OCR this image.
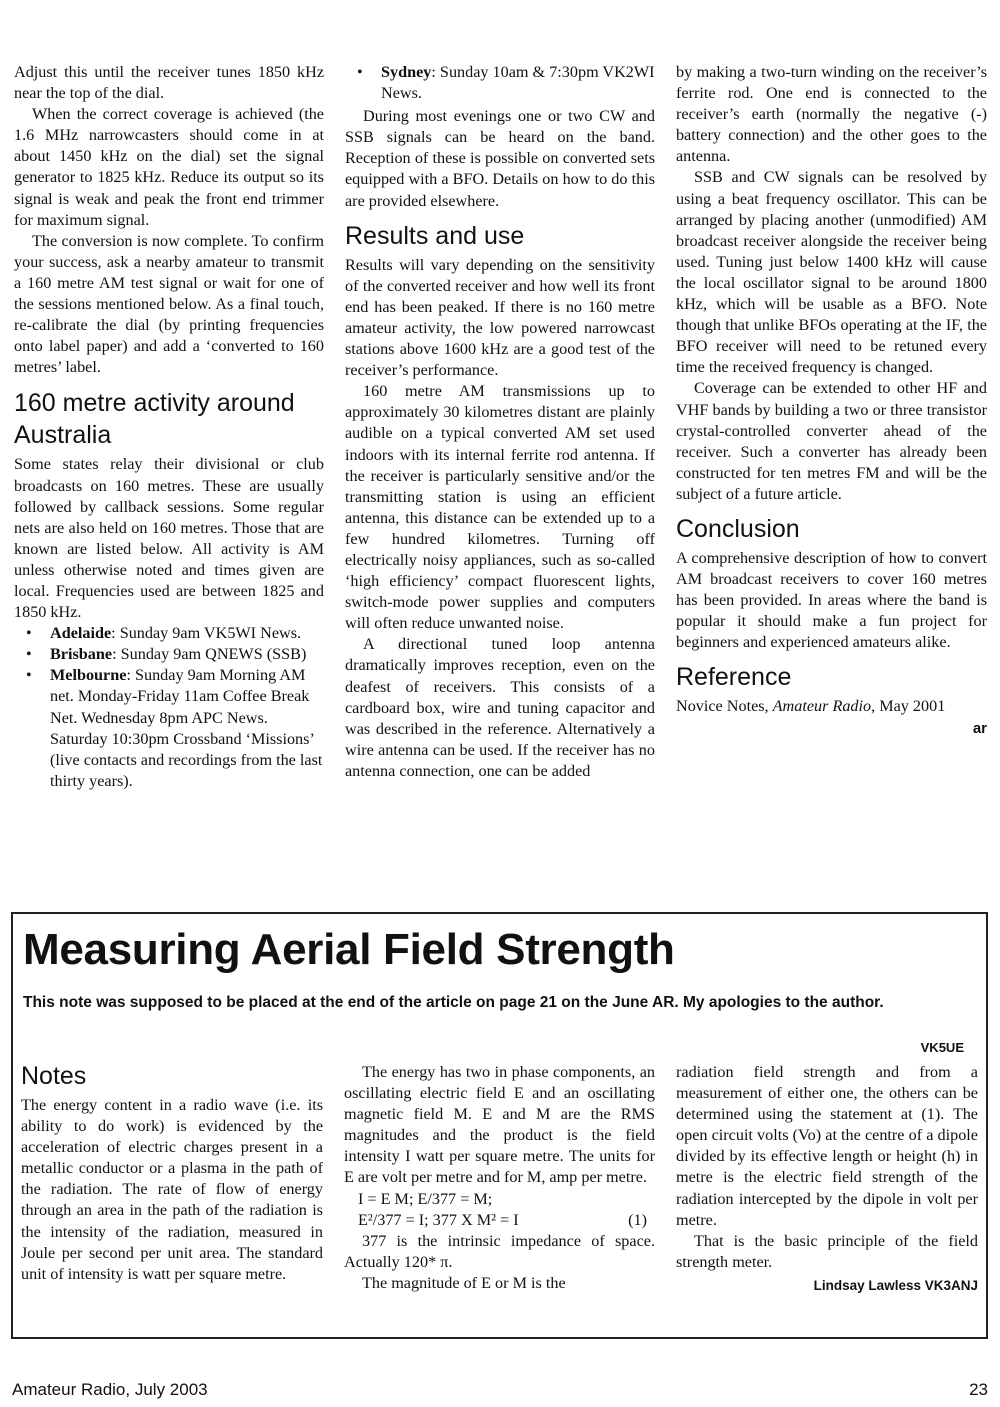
Adjust this until the receiver tunes 1850 kHz near the top of the dial.

When the correct coverage is achieved (the 1.6 MHz narrowcasters should come in at about 1450 kHz on the dial) set the signal generator to 1825 kHz. Reduce its output so its signal is weak and peak the front end trimmer for maximum signal.

The conversion is now complete. To confirm your success, ask a nearby amateur to transmit a 160 metre AM test signal or wait for one of the sessions mentioned below. As a final touch, re-calibrate the dial (by printing frequencies onto label paper) and add a ‘converted to 160 metres’ label.

160 metre activity around Australia

Some states relay their divisional or club broadcasts on 160 metres. These are usually followed by callback sessions. Some regular nets are also held on 160 metres. Those that are known are listed below. All activity is AM unless otherwise noted and times given are local. Frequencies used are between 1825 and 1850 kHz.

• Adelaide: Sunday 9am VK5WI News.
• Brisbane: Sunday 9am QNEWS (SSB)
• Melbourne: Sunday 9am Morning AM net. Monday-Friday 11am Coffee Break Net. Wednesday 8pm APC News. Saturday 10:30pm Crossband ‘Missions’ (live contacts and recordings from the last thirty years).
• Sydney: Sunday 10am & 7:30pm VK2WI News.

During most evenings one or two CW and SSB signals can be heard on the band. Reception of these is possible on converted sets equipped with a BFO. Details on how to do this are provided elsewhere.

Results and use

Results will vary depending on the sensitivity of the converted receiver and how well its front end has been peaked. If there is no 160 metre amateur activity, the low powered narrowcast stations above 1600 kHz are a good test of the receiver’s performance.

160 metre AM transmissions up to approximately 30 kilometres distant are plainly audible on a typical converted AM set used indoors with its internal ferrite rod antenna. If the receiver is particularly sensitive and/or the transmitting station is using an efficient antenna, this distance can be extended up to a few hundred kilometres. Turning off electrically noisy appliances, such as so-called ‘high efficiency’ compact fluorescent lights, switch-mode power supplies and computers will often reduce unwanted noise.

A directional tuned loop antenna dramatically improves reception, even on the deafest of receivers. This consists of a cardboard box, wire and tuning capacitor and was described in the reference. Alternatively a wire antenna can be used. If the receiver has no antenna connection, one can be added

by making a two-turn winding on the receiver’s ferrite rod. One end is connected to the receiver’s earth (normally the negative (-) battery connection) and the other goes to the antenna.

SSB and CW signals can be resolved by using a beat frequency oscillator. This can be arranged by placing another (unmodified) AM broadcast receiver alongside the receiver being used. Tuning just below 1400 kHz will cause the local oscillator signal to be around 1800 kHz, which will be usable as a BFO. Note though that unlike BFOs operating at the IF, the BFO receiver will need to be retuned every time the received frequency is changed.

Coverage can be extended to other HF and VHF bands by building a two or three transistor crystal-controlled converter ahead of the receiver. Such a converter has already been constructed for ten metres FM and will be the subject of a future article.

Conclusion

A comprehensive description of how to convert AM broadcast receivers to cover 160 metres has been provided. In areas where the band is popular it should make a fun project for beginners and experienced amateurs alike.

Reference

Novice Notes, Amateur Radio, May 2001

ar
Measuring Aerial Field Strength

This note was supposed to be placed at the end of the article on page 21 on the June AR. My apologies to the author.

VK5UE

Notes

The energy content in a radio wave (i.e. its ability to do work) is evidenced by the acceleration of electric charges present in a metallic conductor or a plasma in the path of the radiation. The rate of flow of energy through an area in the path of the radiation is the intensity of the radiation, measured in Joule per second per unit area. The standard unit of intensity is watt per square metre.

The energy has two in phase components, an oscillating electric field E and an oscillating magnetic field M. E and M are the RMS magnitudes and the product is the field intensity I watt per square metre. The units for E are volt per metre and for M, amp per metre.

I = E M; E/377 = M;

E²/377 = I; 377 X M² = I	(1)

377 is the intrinsic impedance of space. Actually 120* π.

The magnitude of E or M is the

radiation field strength and from a measurement of either one, the others can be determined using the statement at (1). The open circuit volts (Vo) at the centre of a dipole divided by its effective length or height (h) in metre is the electric field strength of the radiation intercepted by the dipole in volt per metre.

That is the basic principle of the field strength meter.

Lindsay Lawless VK3ANJ
Amateur Radio, July 2003	23
